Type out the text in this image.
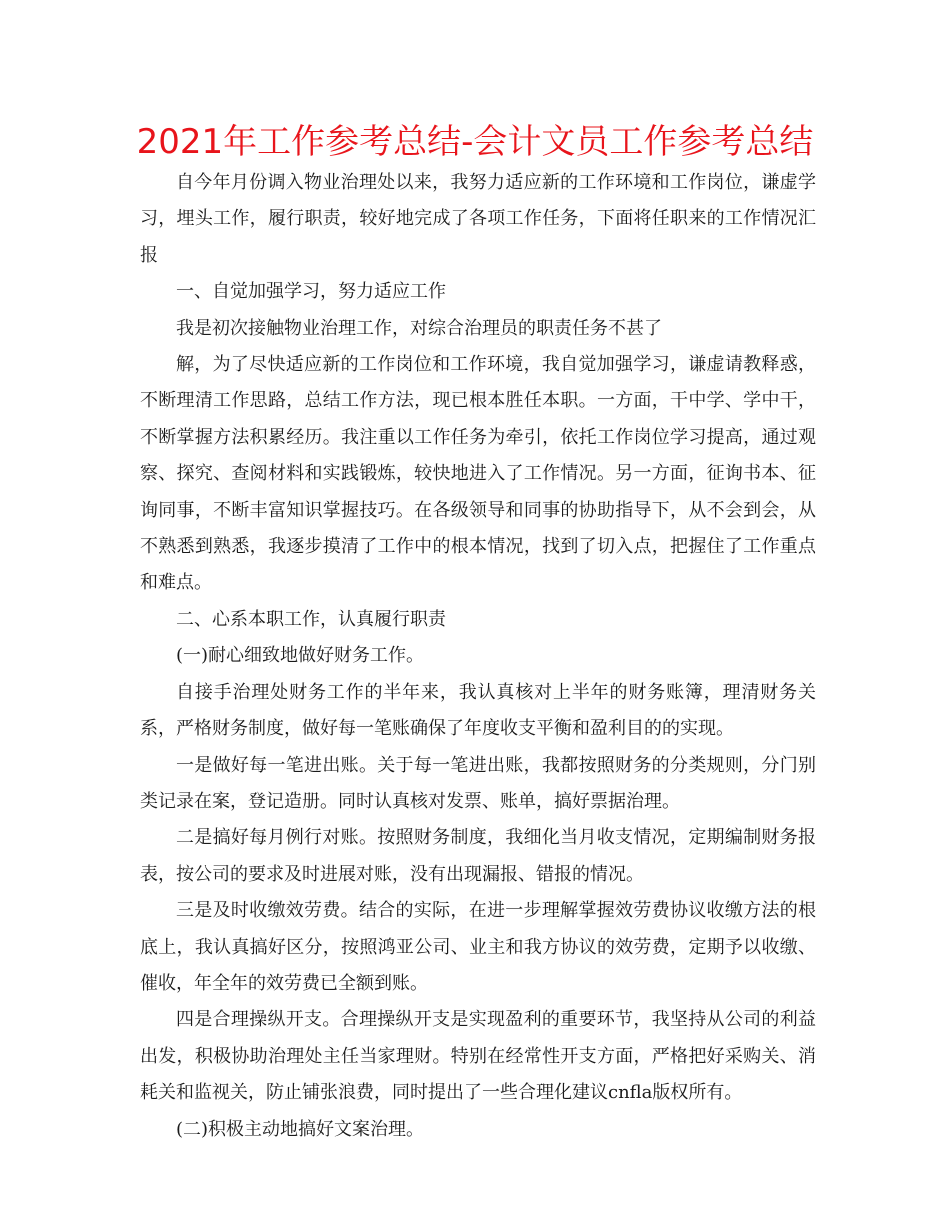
2021年工作参考总结-会计文员工作参考总结

自今年月份调入物业治理处以来，我努力适应新的工作环境和工作岗位，谦虚学习，埋头工作，履行职责，较好地完成了各项工作任务，下面将任职来的工作情况汇报

一、自觉加强学习，努力适应工作

我是初次接触物业治理工作，对综合治理员的职责任务不甚了

解，为了尽快适应新的工作岗位和工作环境，我自觉加强学习，谦虚请教释惑，不断理清工作思路，总结工作方法，现已根本胜任本职。一方面，干中学、学中干，不断掌握方法积累经历。我注重以工作任务为牵引，依托工作岗位学习提高，通过观察、探究、查阅材料和实践锻炼，较快地进入了工作情况。另一方面，征询书本、征询同事，不断丰富知识掌握技巧。在各级领导和同事的协助指导下，从不会到会，从不熟悉到熟悉，我逐步摸清了工作中的根本情况，找到了切入点，把握住了工作重点和难点。

二、心系本职工作，认真履行职责

(一)耐心细致地做好财务工作。

自接手治理处财务工作的半年来，我认真核对上半年的财务账簿，理清财务关系，严格财务制度，做好每一笔账确保了年度收支平衡和盈利目的的实现。

一是做好每一笔进出账。关于每一笔进出账，我都按照财务的分类规则，分门别类记录在案，登记造册。同时认真核对发票、账单，搞好票据治理。

二是搞好每月例行对账。按照财务制度，我细化当月收支情况，定期编制财务报表，按公司的要求及时进展对账，没有出现漏报、错报的情况。

三是及时收缴效劳费。结合的实际，在进一步理解掌握效劳费协议收缴方法的根底上，我认真搞好区分，按照鸿亚公司、业主和我方协议的效劳费，定期予以收缴、催收，年全年的效劳费已全额到账。

四是合理操纵开支。合理操纵开支是实现盈利的重要环节，我坚持从公司的利益出发，积极协助治理处主任当家理财。特别在经常性开支方面，严格把好采购关、消耗关和监视关，防止铺张浪费，同时提出了一些合理化建议cnfla版权所有。

(二)积极主动地搞好文案治理。
